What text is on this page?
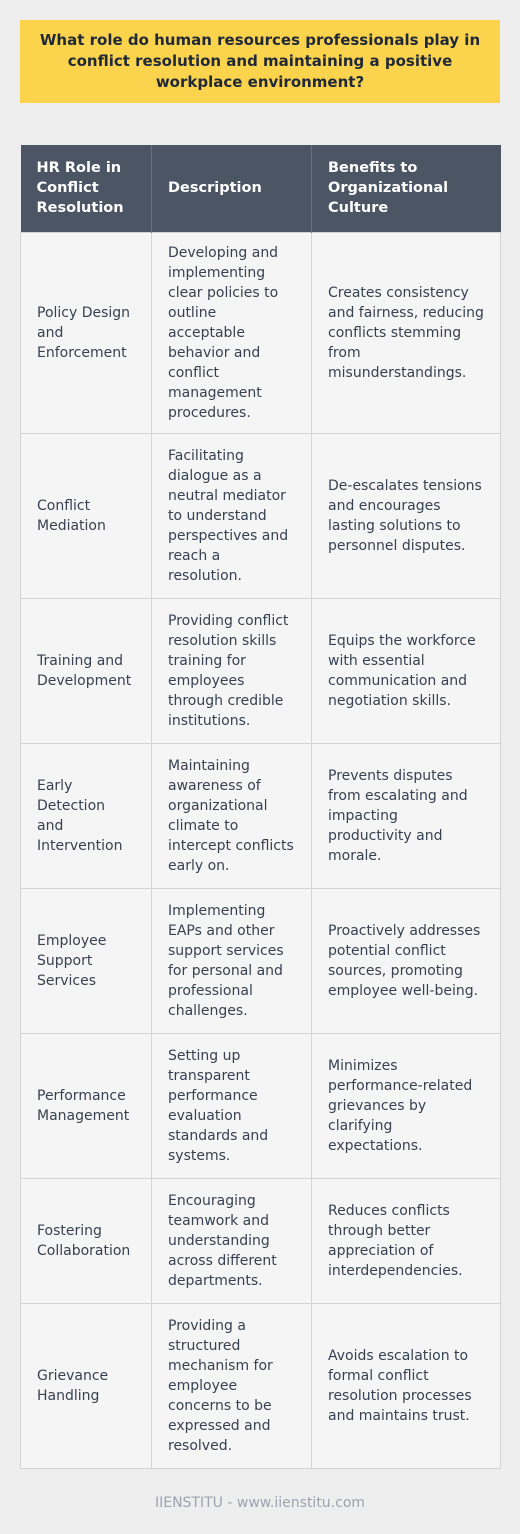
What role do human resources professionals play in conflict resolution and maintaining a positive workplace environment?
HR Role in Conflict Resolution	Description	Benefits to Organizational Culture
Policy Design and Enforcement	Developing and implementing clear policies to outline acceptable behavior and conflict management procedures.	Creates consistency and fairness, reducing conflicts stemming from misunderstandings.
Conflict Mediation	Facilitating dialogue as a neutral mediator to understand perspectives and reach a resolution.	De-escalates tensions and encourages lasting solutions to personnel disputes.
Training and Development	Providing conflict resolution skills training for employees through credible institutions.	Equips the workforce with essential communication and negotiation skills.
Early Detection and Intervention	Maintaining awareness of organizational climate to intercept conflicts early on.	Prevents disputes from escalating and impacting productivity and morale.
Employee Support Services	Implementing EAPs and other support services for personal and professional challenges.	Proactively addresses potential conflict sources, promoting employee well-being.
Performance Management	Setting up transparent performance evaluation standards and systems.	Minimizes performance-related grievances by clarifying expectations.
Fostering Collaboration	Encouraging teamwork and understanding across different departments.	Reduces conflicts through better appreciation of interdependencies.
Grievance Handling	Providing a structured mechanism for employee concerns to be expressed and resolved.	Avoids escalation to formal conflict resolution processes and maintains trust.
IIENSTITU - www.iienstitu.com
